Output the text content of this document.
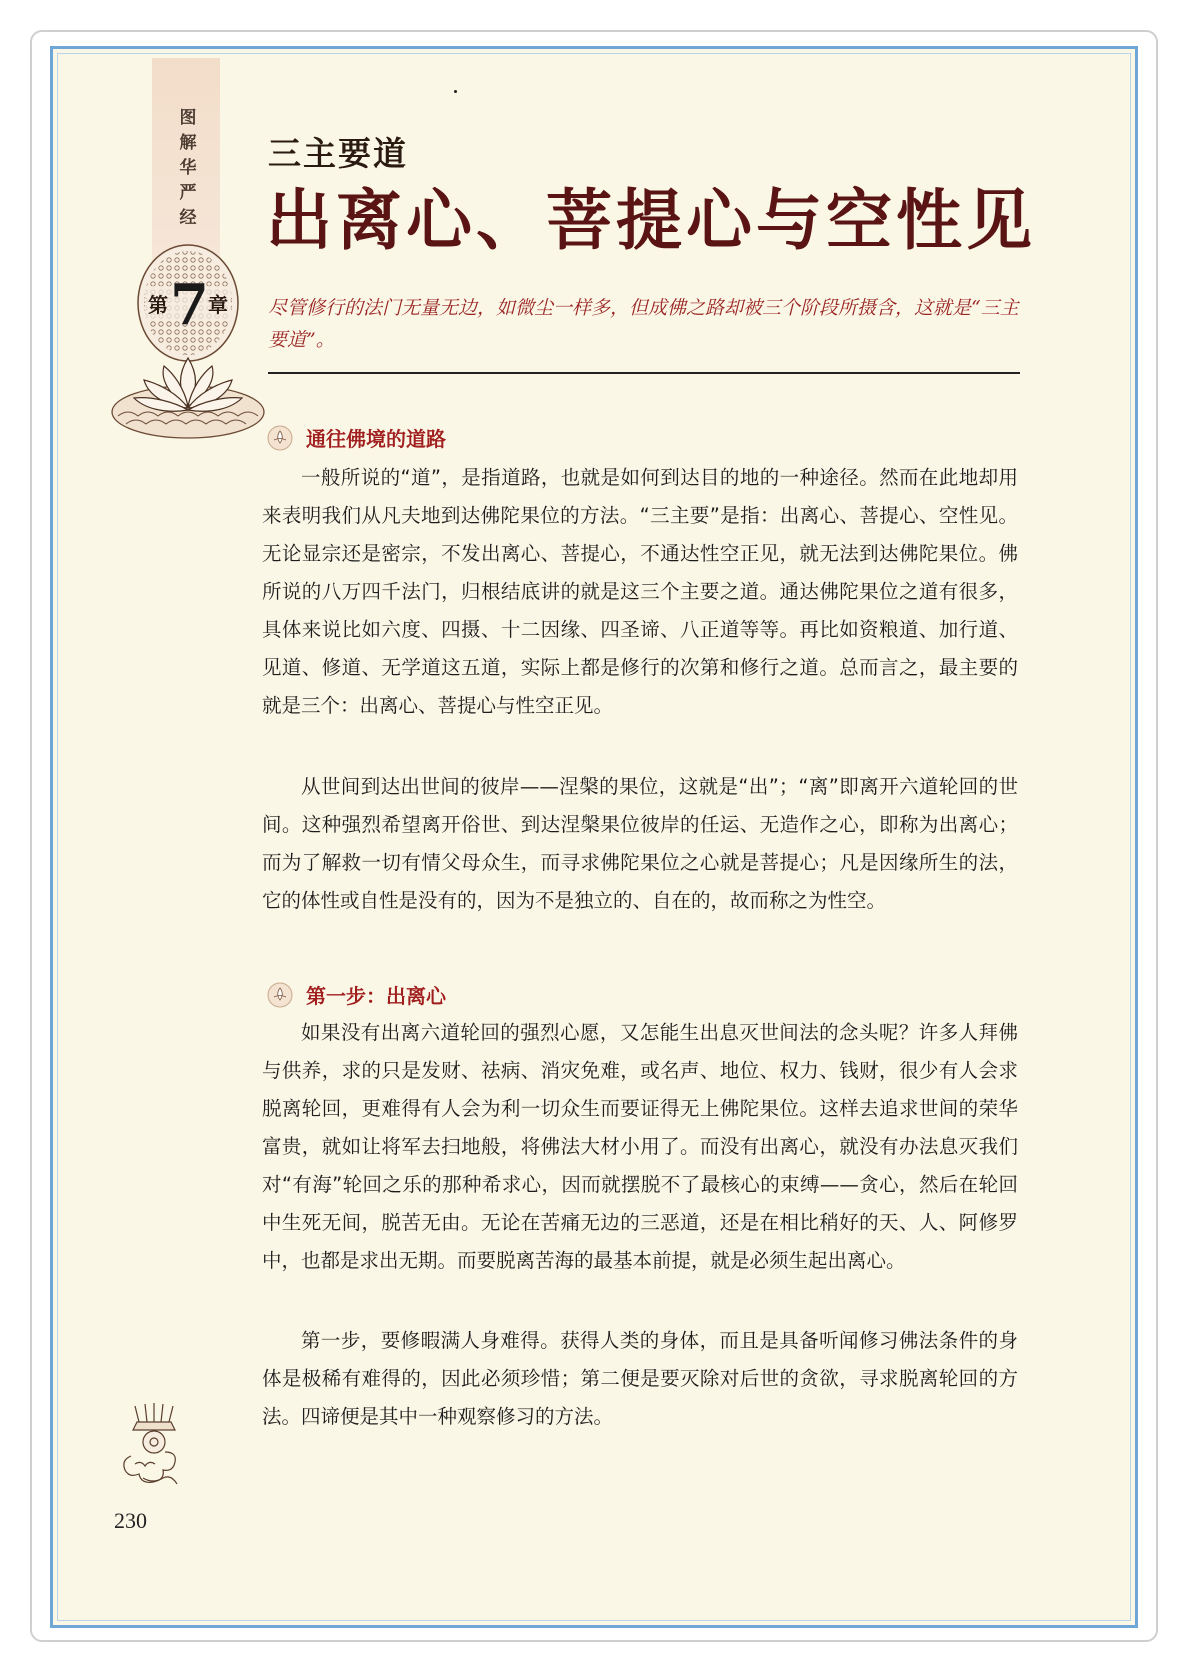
图
解
华
严
经
第 7 章
三主要道
出离心、菩提心与空性见
尽管修行的法门无量无边，如微尘一样多，但成佛之路却被三个阶段所摄含，这就是“三主要道”。
通往佛境的道路

一般所说的“道”，是指道路，也就是如何到达目的地的一种途径。然而在此地却用来表明我们从凡夫地到达佛陀果位的方法。“三主要”是指：出离心、菩提心、空性见。无论显宗还是密宗，不发出离心、菩提心，不通达性空正见，就无法到达佛陀果位。佛所说的八万四千法门，归根结底讲的就是这三个主要之道。通达佛陀果位之道有很多，具体来说比如六度、四摄、十二因缘、四圣谛、八正道等等。再比如资粮道、加行道、见道、修道、无学道这五道，实际上都是修行的次第和修行之道。总而言之，最主要的就是三个：出离心、菩提心与性空正见。

从世间到达出世间的彼岸——涅槃的果位，这就是“出”；“离”即离开六道轮回的世间。这种强烈希望离开俗世、到达涅槃果位彼岸的任运、无造作之心，即称为出离心；而为了解救一切有情父母众生，而寻求佛陀果位之心就是菩提心；凡是因缘所生的法，它的体性或自性是没有的，因为不是独立的、自在的，故而称之为性空。

第一步：出离心

如果没有出离六道轮回的强烈心愿，又怎能生出息灭世间法的念头呢？许多人拜佛与供养，求的只是发财、祛病、消灾免难，或名声、地位、权力、钱财，很少有人会求脱离轮回，更难得有人会为利一切众生而要证得无上佛陀果位。这样去追求世间的荣华富贵，就如让将军去扫地般，将佛法大材小用了。而没有出离心，就没有办法息灭我们对“有海”轮回之乐的那种希求心，因而就摆脱不了最核心的束缚——贪心，然后在轮回中生死无间，脱苦无由。无论在苦痛无边的三恶道，还是在相比稍好的天、人、阿修罗中，也都是求出无期。而要脱离苦海的最基本前提，就是必须生起出离心。

第一步，要修暇满人身难得。获得人类的身体，而且是具备听闻修习佛法条件的身体是极稀有难得的，因此必须珍惜；第二便是要灭除对后世的贪欲，寻求脱离轮回的方法。四谛便是其中一种观察修习的方法。

230
